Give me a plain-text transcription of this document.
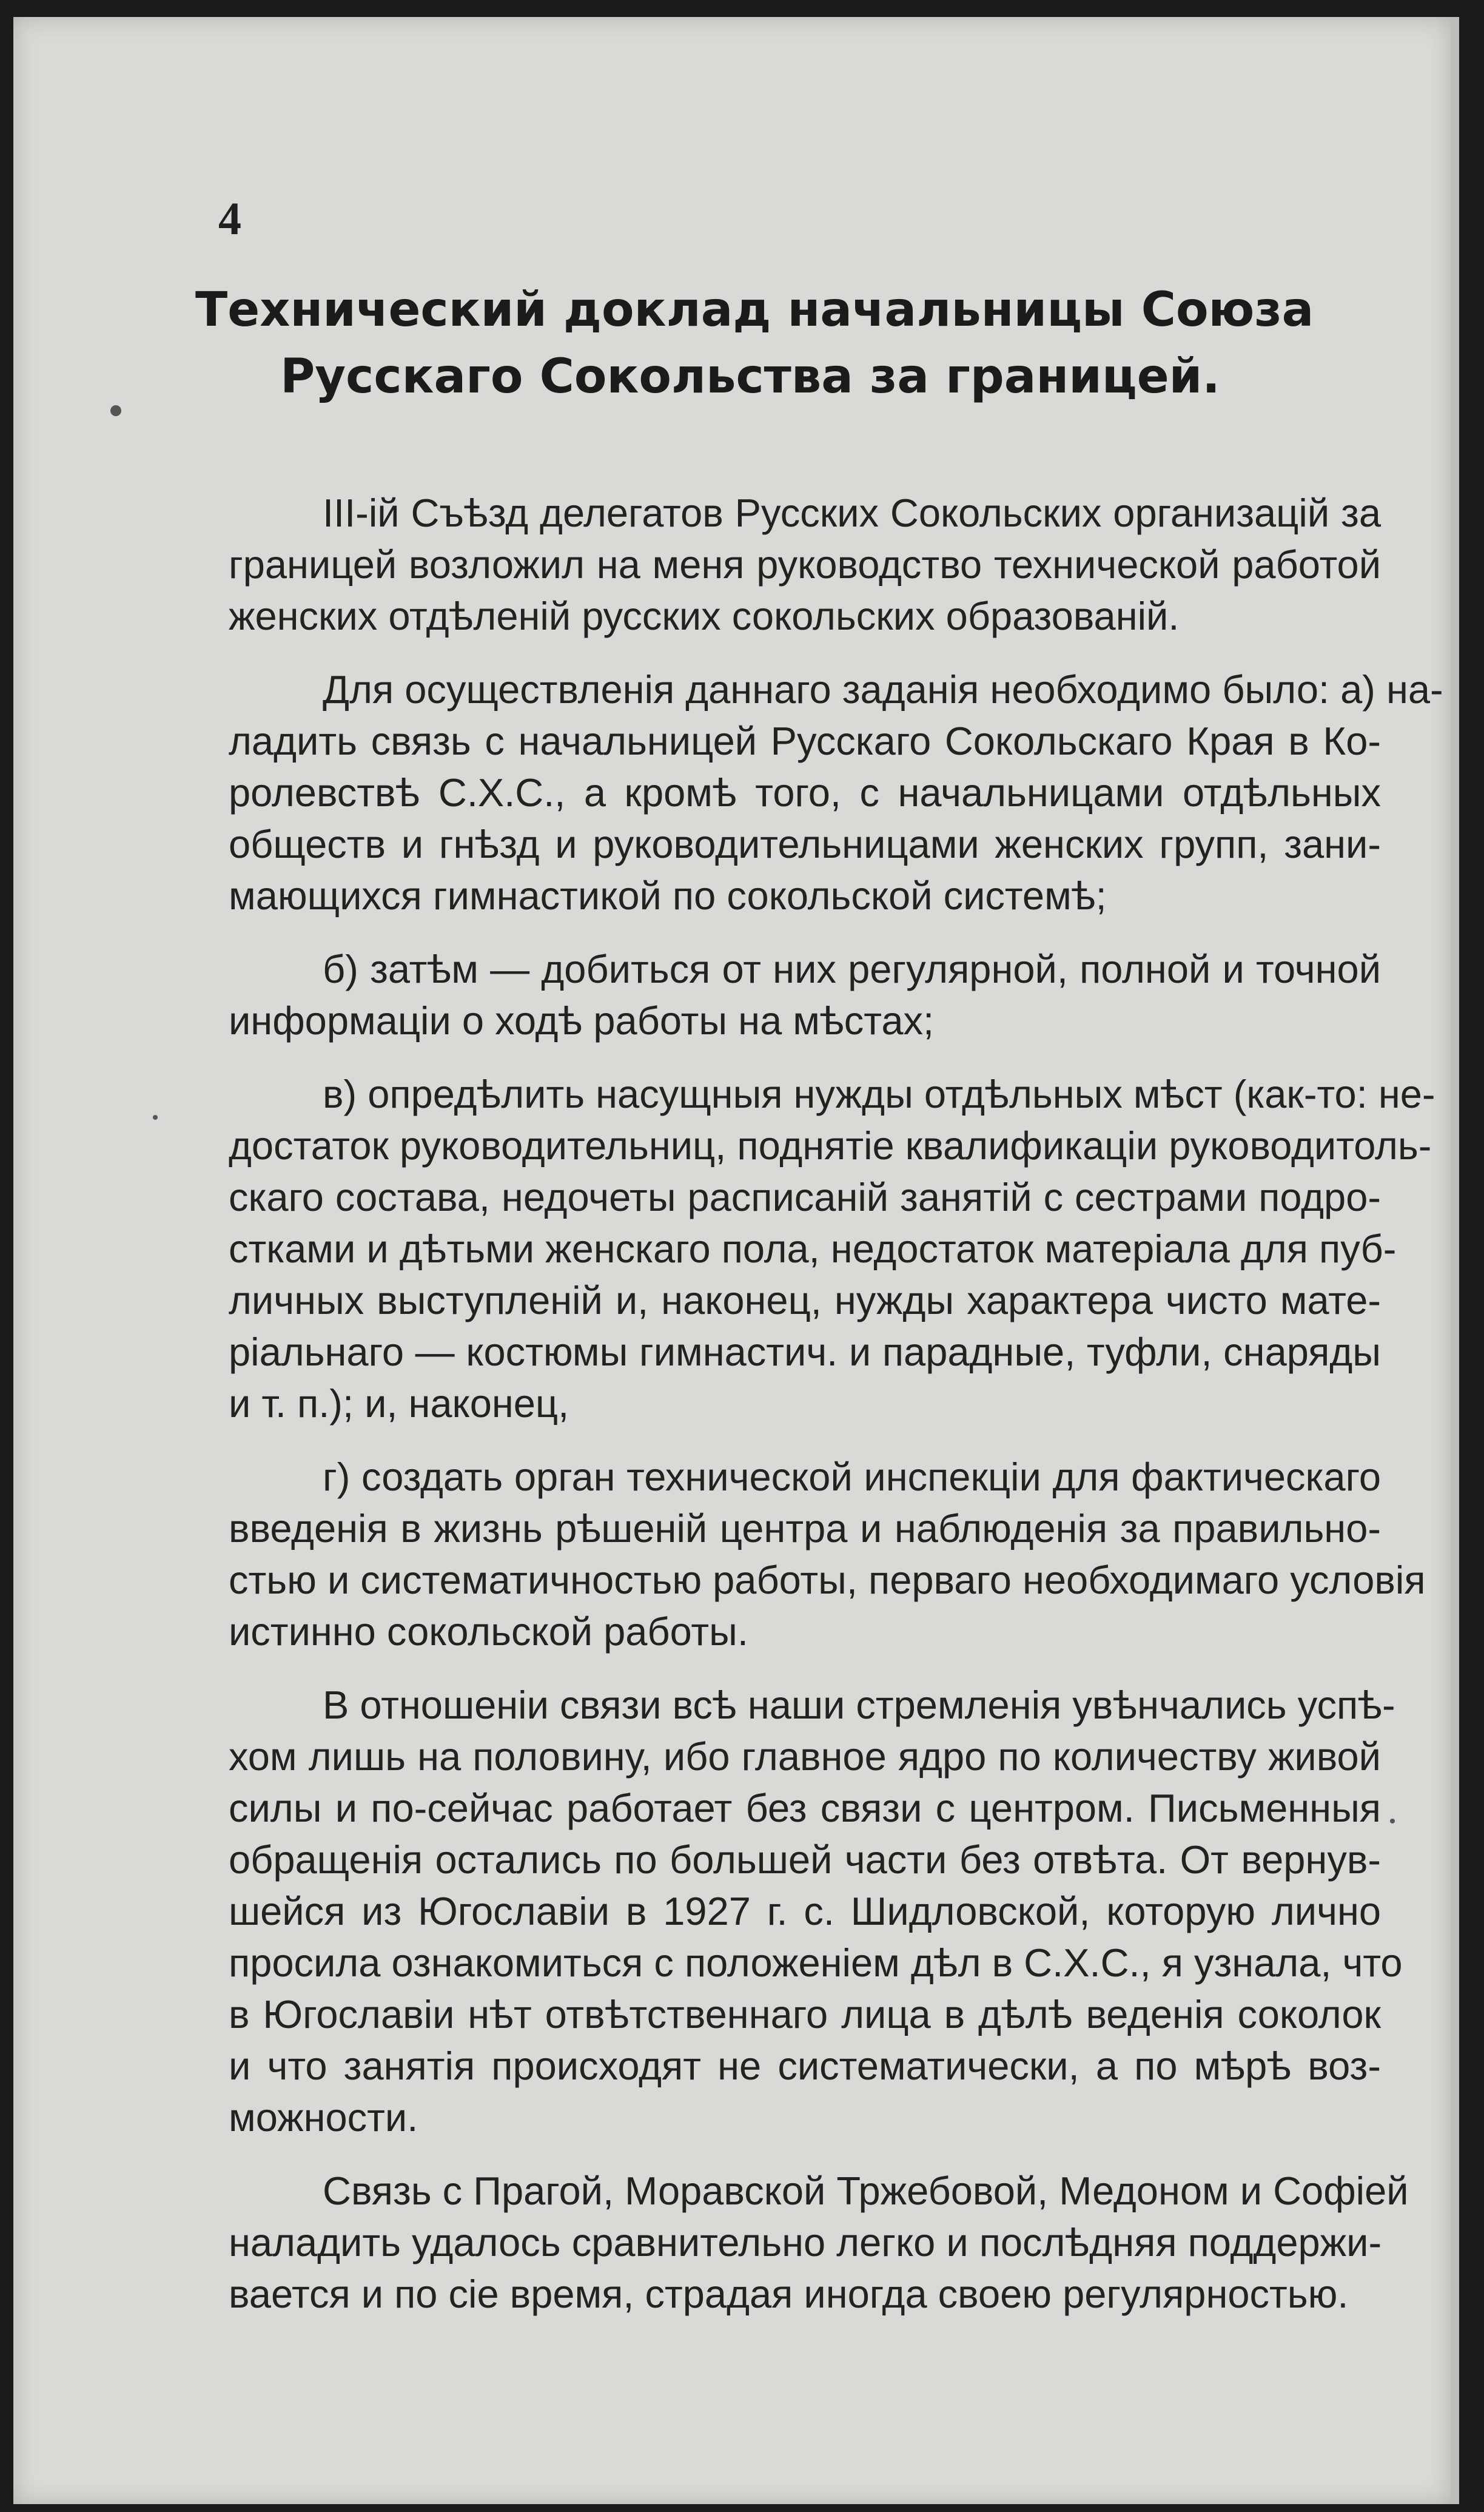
4
Технический доклад начальницы Союза
Русскаго Сокольства за границей.
III-ій Съѣзд делегатов Русских Сокольских организацій за
границей возложил на меня руководство технической работой
женских отдѣленій русских сокольских образованій.
Для осуществленія даннаго заданія необходимо было: а) на-
ладить связь с начальницей Русскаго Сокольскаго Края в Ко-
ролевствѣ С.Х.С., а кромѣ того, с начальницами отдѣльных
обществ и гнѣзд и руководительницами женских групп, зани-
мающихся гимнастикой по сокольской системѣ;
б) затѣм — добиться от них регулярной, полной и точной
информаціи о ходѣ работы на мѣстах;
в) опредѣлить насущныя нужды отдѣльных мѣст (как-то: не-
достаток руководительниц, поднятіе квалификаціи руководитоль-
скаго состава, недочеты расписаній занятій с сестрами подро-
стками и дѣтьми женскаго пола, недостаток матеріала для пуб-
личных выступленій и, наконец, нужды характера чисто мате-
ріальнаго — костюмы гимнастич. и парадные, туфли, снаряды
и т. п.); и, наконец,
г) создать орган технической инспекціи для фактическаго
введенія в жизнь рѣшеній центра и наблюденія за правильно-
стью и систематичностью работы, перваго необходимаго условія
истинно сокольской работы.
В отношеніи связи всѣ наши стремленія увѣнчались успѣ-
хом лишь на половину, ибо главное ядро по количеству живой
силы и по-сейчас работает без связи с центром. Письменныя
обращенія остались по большей части без отвѣта. От вернув-
шейся из Югославіи в 1927 г. с. Шидловской, которую лично
просила ознакомиться с положеніем дѣл в С.Х.С., я узнала, что
в Югославіи нѣт отвѣтственнаго лица в дѣлѣ веденія соколок
и что занятія происходят не систематически, а по мѣрѣ воз-
можности.
Связь с Прагой, Моравской Тржебовой, Медоном и Софіей
наладить удалось сравнительно легко и послѣдняя поддержи-
вается и по сіе время, страдая иногда своею регулярностью.
